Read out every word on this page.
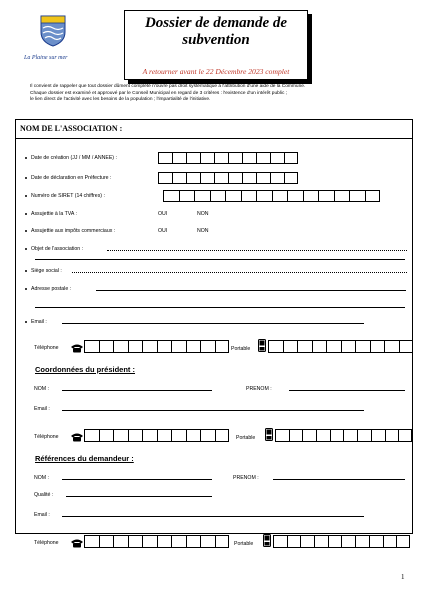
La Plaine sur mer
Dossier de demande de subvention
A retourner avant le 22 Décembre 2023 complet
Il convient de rappeler que tout dossier dûment complété n'ouvre pas droit systématique à l'attribution d'une aide de la Commune.
Chaque dossier est examiné et approuvé par le Conseil Municipal en regard de 3 critères : l'existence d'un intérêt public ;
le lien direct de l'activité avec les besoins de la population ; l'impartialité de l'initiative.
NOM DE L'ASSOCIATION :
Date de création (JJ / MM / ANNEE) :
Date de déclaration en Préfecture :
Numéro de SIRET (14 chiffres) :
Assujettie à la TVA :	OUI	NON
Assujettie aux impôts commerciaux :	OUI	NON
Objet de l'association :
Siège social :
Adresse postale :
Email :
Téléphone	Portable
Coordonnées du président :
NOM :	PRENOM :
Email :
Téléphone	Portable
Références du demandeur :
NOM :	PRENOM :
Qualité :
Email :
Téléphone	Portable
1
